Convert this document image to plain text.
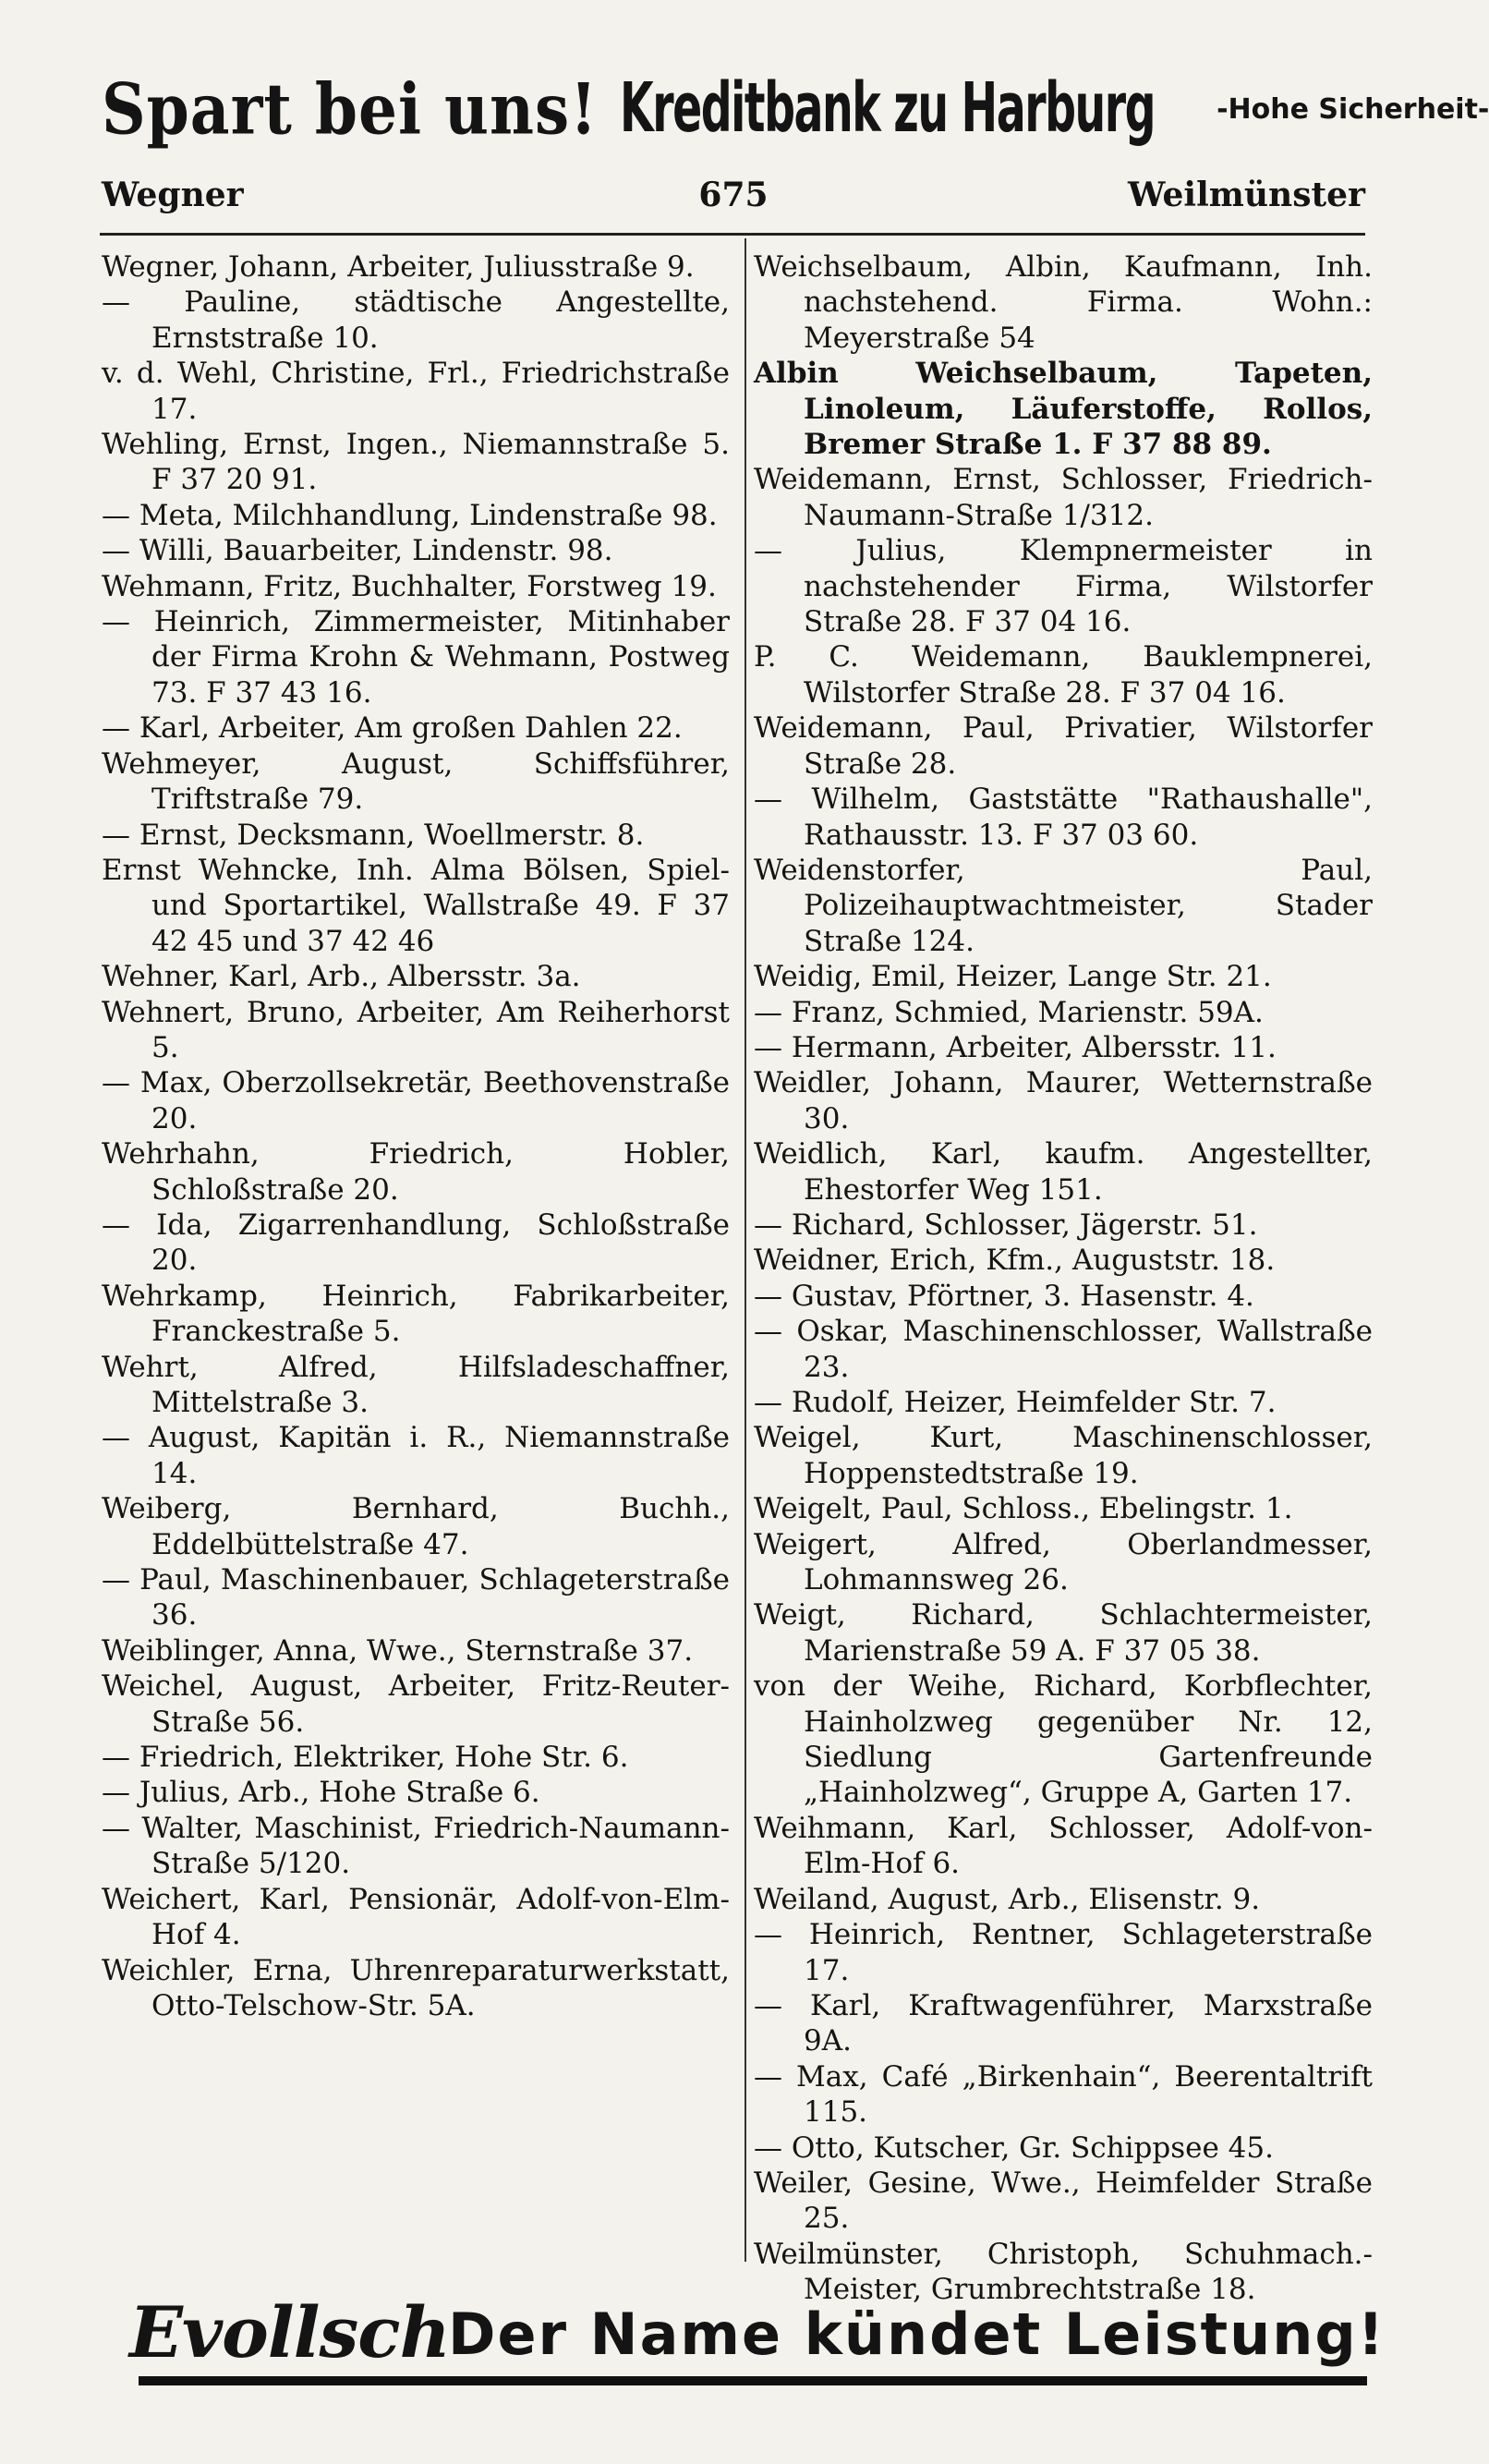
Spart bei uns! Kreditbank zu Harburg -Hohe Sicherheit-
Wegner	675	Weilmünster

Wegner, Johann, Arbeiter, Juliusstraße 9.

— Pauline, städtische Angestellte, Ernststraße 10.

v. d. Wehl, Christine, Frl., Friedrichstraße 17.

Wehling, Ernst, Ingen., Niemannstraße 5. F 37 20 91.

— Meta, Milchhandlung, Lindenstraße 98.

— Willi, Bauarbeiter, Lindenstr. 98.

Wehmann, Fritz, Buchhalter, Forstweg 19.

— Heinrich, Zimmermeister, Mitinhaber der Firma Krohn & Wehmann, Postweg 73. F 37 43 16.

— Karl, Arbeiter, Am großen Dahlen 22.

Wehmeyer, August, Schiffsführer, Triftstraße 79.

— Ernst, Decksmann, Woellmerstr. 8.

Ernst Wehncke, Inh. Alma Bölsen, Spiel- und Sportartikel, Wallstraße 49. F 37 42 45 und 37 42 46

Wehner, Karl, Arb., Albersstr. 3a.

Wehnert, Bruno, Arbeiter, Am Reiherhorst 5.

— Max, Oberzollsekretär, Beethovenstraße 20.

Wehrhahn, Friedrich, Hobler, Schloßstraße 20.

— Ida, Zigarrenhandlung, Schloßstraße 20.

Wehrkamp, Heinrich, Fabrikarbeiter, Franckestraße 5.

Wehrt, Alfred, Hilfsladeschaffner, Mittelstraße 3.

— August, Kapitän i. R., Niemannstraße 14.

Weiberg, Bernhard, Buchh., Eddelbüttelstraße 47.

— Paul, Maschinenbauer, Schlageterstraße 36.

Weiblinger, Anna, Wwe., Sternstraße 37.

Weichel, August, Arbeiter, Fritz-Reuter-Straße 56.

— Friedrich, Elektriker, Hohe Str. 6.

— Julius, Arb., Hohe Straße 6.

— Walter, Maschinist, Friedrich-Naumann-Straße 5/120.

Weichert, Karl, Pensionär, Adolf-von-Elm-Hof 4.

Weichler, Erna, Uhrenreparaturwerkstatt, Otto-Telschow-Str. 5A.

Weichselbaum, Albin, Kaufmann, Inh. nachstehend. Firma. Wohn.: Meyerstraße 54

Albin Weichselbaum, Tapeten, Linoleum, Läuferstoffe, Rollos, Bremer Straße 1. F 37 88 89.

Weidemann, Ernst, Schlosser, Friedrich-Naumann-Straße 1/312.

— Julius, Klempnermeister in nachstehender Firma, Wilstorfer Straße 28. F 37 04 16.

P. C. Weidemann, Bauklempnerei, Wilstorfer Straße 28. F 37 04 16.

Weidemann, Paul, Privatier, Wilstorfer Straße 28.

— Wilhelm, Gaststätte "Rathaushalle", Rathausstr. 13. F 37 03 60.

Weidenstorfer, Paul, Polizeihauptwachtmeister, Stader Straße 124.

Weidig, Emil, Heizer, Lange Str. 21.

— Franz, Schmied, Marienstr. 59A.

— Hermann, Arbeiter, Albersstr. 11.

Weidler, Johann, Maurer, Wetternstraße 30.

Weidlich, Karl, kaufm. Angestellter, Ehestorfer Weg 151.

— Richard, Schlosser, Jägerstr. 51.

Weidner, Erich, Kfm., Auguststr. 18.

— Gustav, Pförtner, 3. Hasenstr. 4.

— Oskar, Maschinenschlosser, Wallstraße 23.

— Rudolf, Heizer, Heimfelder Str. 7.

Weigel, Kurt, Maschinenschlosser, Hoppenstedtstraße 19.

Weigelt, Paul, Schloss., Ebelingstr. 1.

Weigert, Alfred, Oberlandmesser, Lohmannsweg 26.

Weigt, Richard, Schlachtermeister, Marienstraße 59 A. F 37 05 38.

von der Weihe, Richard, Korbflechter, Hainholzweg gegenüber Nr. 12, Siedlung Gartenfreunde „Hainholzweg“, Gruppe A, Garten 17.

Weihmann, Karl, Schlosser, Adolf-von-Elm-Hof 6.

Weiland, August, Arb., Elisenstr. 9.

— Heinrich, Rentner, Schlageterstraße 17.

— Karl, Kraftwagenführer, Marxstraße 9A.

— Max, Café „Birkenhain“, Beerentaltrift 115.

— Otto, Kutscher, Gr. Schippsee 45.

Weiler, Gesine, Wwe., Heimfelder Straße 25.

Weilmünster, Christoph, Schuhmach.-Meister, Grumbrechtstraße 18.

Evollsch
Der Name kündet Leistung!
